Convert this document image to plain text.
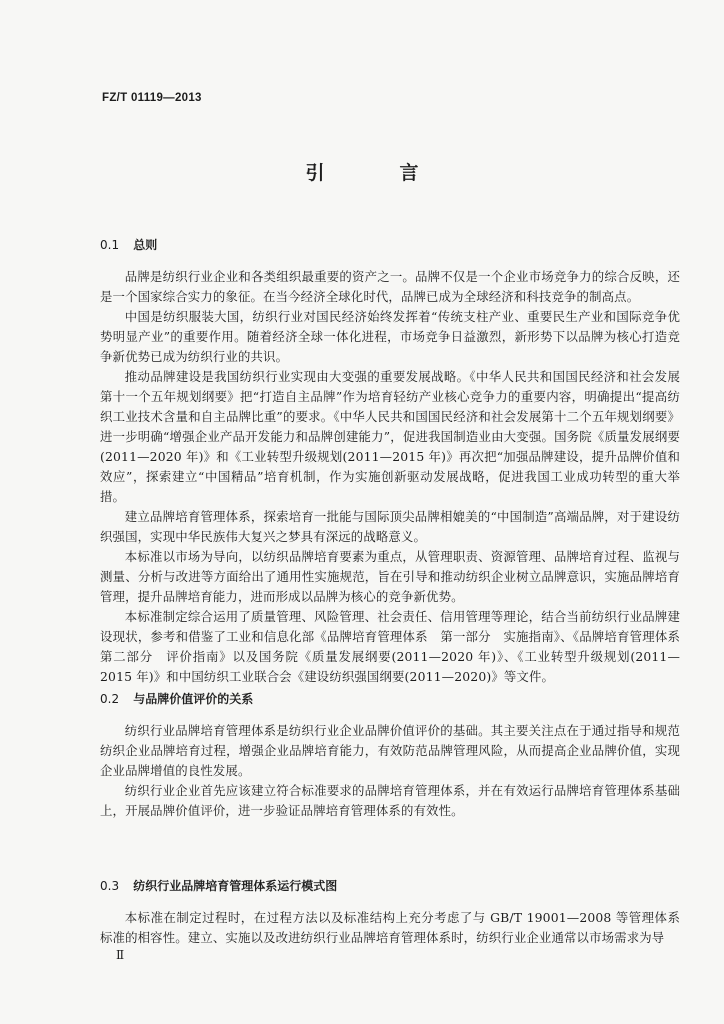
FZ/T 01119—2013
引　言
0.1 总则

品牌是纺织行业企业和各类组织最重要的资产之一。品牌不仅是一个企业市场竞争力的综合反映，还是一个国家综合实力的象征。在当今经济全球化时代，品牌已成为全球经济和科技竞争的制高点。

中国是纺织服装大国，纺织行业对国民经济始终发挥着“传统支柱产业、重要民生产业和国际竞争优势明显产业”的重要作用。随着经济全球一体化进程，市场竞争日益激烈，新形势下以品牌为核心打造竞争新优势已成为纺织行业的共识。

推动品牌建设是我国纺织行业实现由大变强的重要发展战略。《中华人民共和国国民经济和社会发展第十一个五年规划纲要》把“打造自主品牌”作为培育轻纺产业核心竞争力的重要内容，明确提出“提高纺织工业技术含量和自主品牌比重”的要求。《中华人民共和国国民经济和社会发展第十二个五年规划纲要》进一步明确“增强企业产品开发能力和品牌创建能力”，促进我国制造业由大变强。国务院《质量发展纲要(2011—2020 年)》和《工业转型升级规划(2011—2015 年)》再次把“加强品牌建设，提升品牌价值和效应”，探索建立“中国精品”培育机制，作为实施创新驱动发展战略，促进我国工业成功转型的重大举措。

建立品牌培育管理体系，探索培育一批能与国际顶尖品牌相媲美的“中国制造”高端品牌，对于建设纺织强国，实现中华民族伟大复兴之梦具有深远的战略意义。

本标准以市场为导向，以纺织品牌培育要素为重点，从管理职责、资源管理、品牌培育过程、监视与测量、分析与改进等方面给出了通用性实施规范，旨在引导和推动纺织企业树立品牌意识，实施品牌培育管理，提升品牌培育能力，进而形成以品牌为核心的竞争新优势。

本标准制定综合运用了质量管理、风险管理、社会责任、信用管理等理论，结合当前纺织行业品牌建设现状，参考和借鉴了工业和信息化部《品牌培育管理体系　第一部分　实施指南》、《品牌培育管理体系　第二部分　评价指南》以及国务院《质量发展纲要(2011—2020 年)》、《工业转型升级规划(2011—2015 年)》和中国纺织工业联合会《建设纺织强国纲要(2011—2020)》等文件。

0.2 与品牌价值评价的关系

纺织行业品牌培育管理体系是纺织行业企业品牌价值评价的基础。其主要关注点在于通过指导和规范纺织企业品牌培育过程，增强企业品牌培育能力，有效防范品牌管理风险，从而提高企业品牌价值，实现企业品牌增值的良性发展。

纺织行业企业首先应该建立符合标准要求的品牌培育管理体系，并在有效运行品牌培育管理体系基础上，开展品牌价值评价，进一步验证品牌培育管理体系的有效性。

0.3 纺织行业品牌培育管理体系运行模式图

本标准在制定过程时，在过程方法以及标准结构上充分考虑了与 GB/T 19001—2008 等管理体系标准的相容性。建立、实施以及改进纺织行业品牌培育管理体系时，纺织行业企业通常以市场需求为导

Ⅱ
